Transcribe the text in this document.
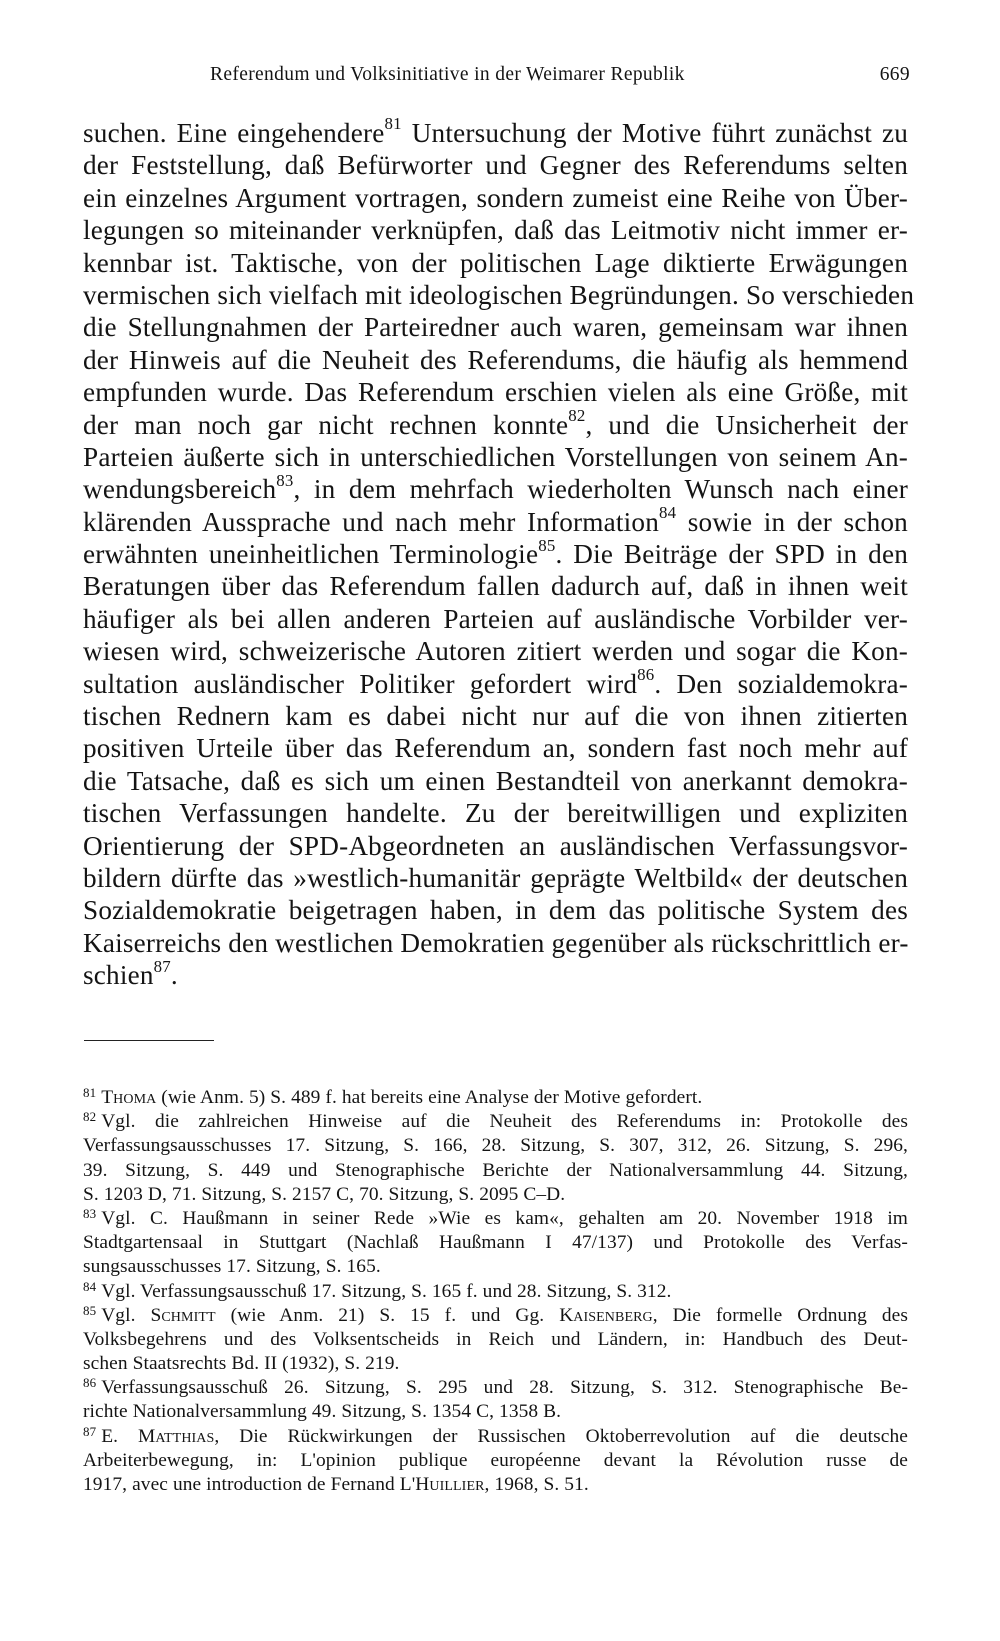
Referendum und Volksinitiative in der Weimarer Republik	669
suchen. Eine eingehendere$^{81}$ Untersuchung der Motive führt zunächst zu
der Feststellung, daß Befürworter und Gegner des Referendums selten
ein einzelnes Argument vortragen, sondern zumeist eine Reihe von Über-
legungen so miteinander verknüpfen, daß das Leitmotiv nicht immer er-
kennbar ist. Taktische, von der politischen Lage diktierte Erwägungen
vermischen sich vielfach mit ideologischen Begründungen. So verschieden
die Stellungnahmen der Parteiredner auch waren, gemeinsam war ihnen
der Hinweis auf die Neuheit des Referendums, die häufig als hemmend
empfunden wurde. Das Referendum erschien vielen als eine Größe, mit
der man noch gar nicht rechnen konnte$^{82}$, und die Unsicherheit der
Parteien äußerte sich in unterschiedlichen Vorstellungen von seinem An-
wendungsbereich$^{83}$, in dem mehrfach wiederholten Wunsch nach einer
klärenden Aussprache und nach mehr Information$^{84}$ sowie in der schon
erwähnten uneinheitlichen Terminologie$^{85}$. Die Beiträge der SPD in den
Beratungen über das Referendum fallen dadurch auf, daß in ihnen weit
häufiger als bei allen anderen Parteien auf ausländische Vorbilder ver-
wiesen wird, schweizerische Autoren zitiert werden und sogar die Kon-
sultation ausländischer Politiker gefordert wird$^{86}$. Den sozialdemokra-
tischen Rednern kam es dabei nicht nur auf die von ihnen zitierten
positiven Urteile über das Referendum an, sondern fast noch mehr auf
die Tatsache, daß es sich um einen Bestandteil von anerkannt demokra-
tischen Verfassungen handelte. Zu der bereitwilligen und expliziten
Orientierung der SPD-Abgeordneten an ausländischen Verfassungsvor-
bildern dürfte das »westlich-humanitär geprägte Weltbild« der deutschen
Sozialdemokratie beigetragen haben, in dem das politische System des
Kaiserreichs den westlichen Demokratien gegenüber als rückschrittlich er-
schien$^{87}$.
$^{81}$ Thoma (wie Anm. 5) S. 489 f. hat bereits eine Analyse der Motive gefordert.
$^{82}$ Vgl. die zahlreichen Hinweise auf die Neuheit des Referendums in: Protokolle des
Verfassungsausschusses 17. Sitzung, S. 166, 28. Sitzung, S. 307, 312, 26. Sitzung, S. 296,
39. Sitzung, S. 449 und Stenographische Berichte der Nationalversammlung 44. Sitzung,
S. 1203 D, 71. Sitzung, S. 2157 C, 70. Sitzung, S. 2095 C–D.
$^{83}$ Vgl. C. Haußmann in seiner Rede »Wie es kam«, gehalten am 20. November 1918 im
Stadtgartensaal in Stuttgart (Nachlaß Haußmann I 47/137) und Protokolle des Verfas-
sungsausschusses 17. Sitzung, S. 165.
$^{84}$ Vgl. Verfassungsausschuß 17. Sitzung, S. 165 f. und 28. Sitzung, S. 312.
$^{85}$ Vgl. Schmitt (wie Anm. 21) S. 15 f. und Gg. Kaisenberg, Die formelle Ordnung des
Volksbegehrens und des Volksentscheids in Reich und Ländern, in: Handbuch des Deut-
schen Staatsrechts Bd. II (1932), S. 219.
$^{86}$ Verfassungsausschuß 26. Sitzung, S. 295 und 28. Sitzung, S. 312. Stenographische Be-
richte Nationalversammlung 49. Sitzung, S. 1354 C, 1358 B.
$^{87}$ E. Matthias, Die Rückwirkungen der Russischen Oktoberrevolution auf die deutsche
Arbeiterbewegung, in: L'opinion publique européenne devant la Révolution russe de
1917, avec une introduction de Fernand L'Huillier, 1968, S. 51.
